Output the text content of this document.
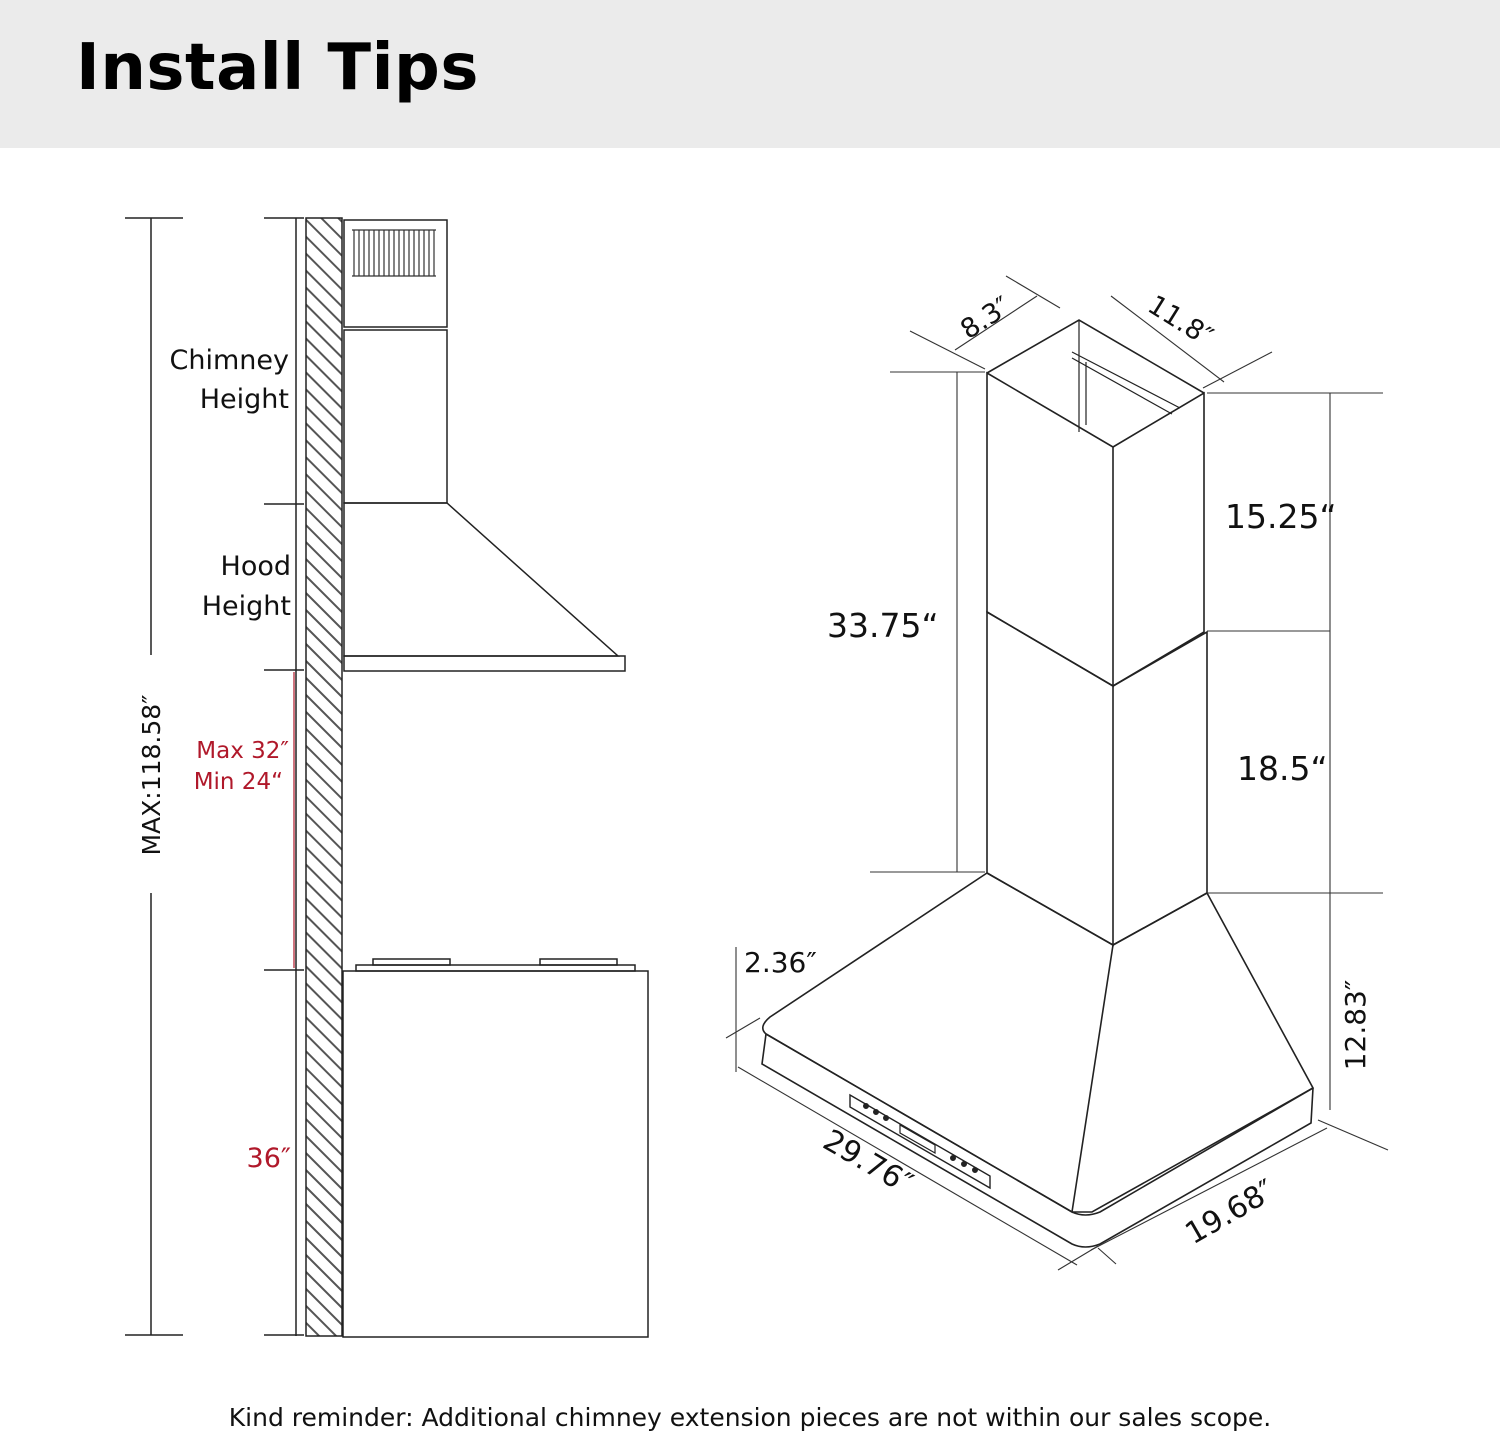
Install Tips
Chimney
Height
Hood
Height
Max 32″
Min 24“
36″
MAX:118.58″
8.3″	11.8″
15.25“
33.75“
18.5“
2.36″
12.83″
29.76″
19.68″
Kind reminder: Additional chimney extension pieces are not within our sales scope.
